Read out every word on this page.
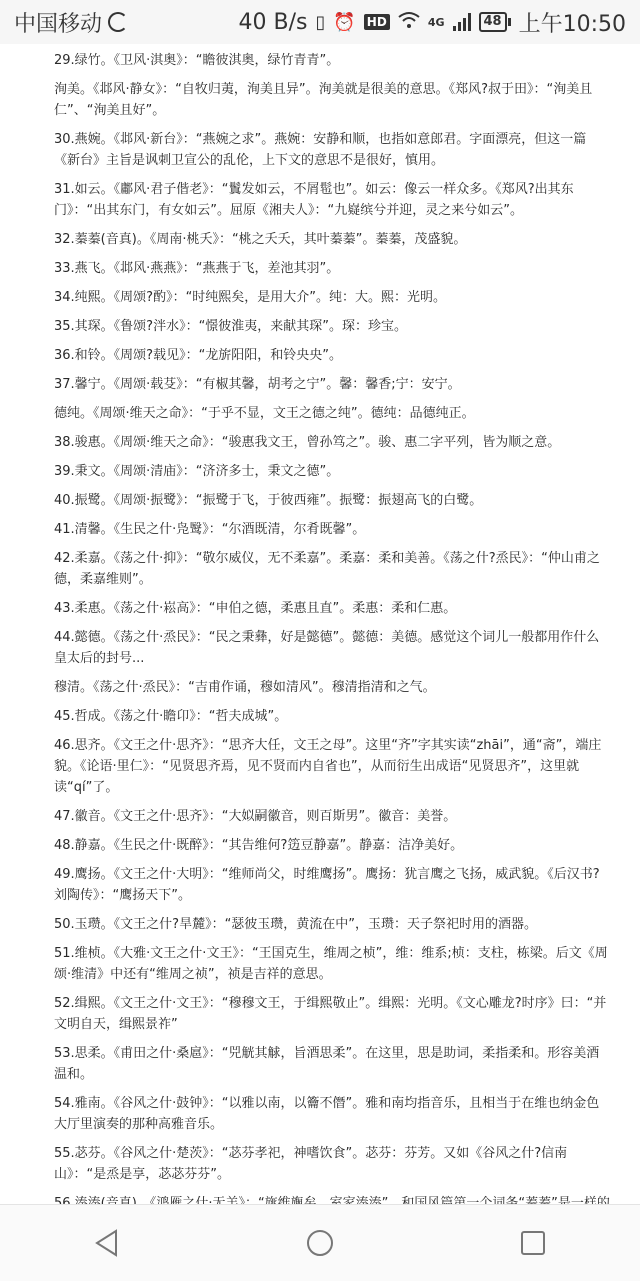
中国移动	40 B/s ▯ ⏰ HD	4G	48 上午10:50

29.绿竹。《卫风·淇奥》：“瞻彼淇奥，绿竹青青”。

洵美。《邶风·静女》：“自牧归荑，洵美且异”。洵美就是很美的意思。《郑风?叔于田》：“洵美且仁”、“洵美且好”。

30.燕婉。《邶风·新台》：“燕婉之求”。燕婉：安静和顺，也指如意郎君。字面漂亮，但这一篇《新台》主旨是讽刺卫宣公的乱伦，上下文的意思不是很好，慎用。

31.如云。《鄘风·君子偕老》：“鬒发如云，不屑髢也”。如云：像云一样众多。《郑风?出其东门》：“出其东门，有女如云”。屈原《湘夫人》：“九嶷缤兮并迎，灵之来兮如云”。

32.蓁蓁(音真)。《周南·桃夭》：“桃之夭夭，其叶蓁蓁”。蓁蓁，茂盛貌。

33.燕飞。《邶风·燕燕》：“燕燕于飞，差池其羽”。

34.纯熙。《周颂?酌》：“时纯熙矣，是用大介”。纯：大。熙：光明。

35.其琛。《鲁颂?泮水》：“憬彼淮夷，来献其琛”。琛：珍宝。

36.和铃。《周颂?载见》：“龙旂阳阳，和铃央央”。

37.馨宁。《周颂·载芟》：“有椒其馨，胡考之宁”。馨：馨香;宁：安宁。

德纯。《周颂·维天之命》：“于乎不显，文王之德之纯”。德纯：品德纯正。

38.骏惠。《周颂·维天之命》：“骏惠我文王，曾孙笃之”。骏、惠二字平列，皆为顺之意。

39.秉文。《周颂·清庙》：“济济多士，秉文之德”。

40.振鹭。《周颂·振鹭》：“振鹭于飞，于彼西雍”。振鹭：振翅高飞的白鹭。

41.清馨。《生民之什·凫鹥》：“尔酒既清，尔肴既馨”。

42.柔嘉。《荡之什·抑》：“敬尔威仪，无不柔嘉”。柔嘉：柔和美善。《荡之什?烝民》：“仲山甫之德，柔嘉维则”。

43.柔惠。《荡之什·崧高》：“申伯之德，柔惠且直”。柔惠：柔和仁惠。

44.懿德。《荡之什·烝民》：“民之秉彝，好是懿德”。懿德：美德。感觉这个词儿一般都用作什么皇太后的封号...

穆清。《荡之什·烝民》：“吉甫作诵，穆如清风”。穆清指清和之气。

45.哲成。《荡之什·瞻卬》：“哲夫成城”。

46.思齐。《文王之什·思齐》：“思齐大任，文王之母”。这里“齐”字其实读“zhāi”，通“斋”，端庄貌。《论语·里仁》：“见贤思齐焉，见不贤而内自省也”，从而衍生出成语“见贤思齐”，这里就读“qí”了。

47.徽音。《文王之什·思齐》：“大姒嗣徽音，则百斯男”。徽音：美誉。

48.静嘉。《生民之什·既醉》：“其告维何?笾豆静嘉”。静嘉：洁净美好。

49.鹰扬。《文王之什·大明》：“维师尚父，时维鹰扬”。鹰扬：犹言鹰之飞扬，威武貌。《后汉书?刘陶传》：“鹰扬天下”。

50.玉瓒。《文王之什?旱麓》：“瑟彼玉瓒，黄流在中”，玉瓒：天子祭祀时用的酒器。

51.维桢。《大雅·文王之什·文王》：“王国克生，维周之桢”，维：维系;桢：支柱，栋梁。后文《周颂·维清》中还有“维周之祯”，祯是吉祥的意思。

52.缉熙。《文王之什·文王》：“穆穆文王，于缉熙敬止”。缉熙：光明。《文心雕龙?时序》曰：“并文明自天，缉熙景祚”

53.思柔。《甫田之什·桑扈》：“兕觥其觩，旨酒思柔”。在这里，思是助词，柔指柔和。形容美酒温和。

54.雅南。《谷风之什·鼓钟》：“以雅以南，以籥不僭”。雅和南均指音乐，且相当于在维也纳金色大厅里演奏的那种高雅音乐。

55.苾芬。《谷风之什·楚茨》：“苾芬孝祀，神嗜饮食”。苾芬：芬芳。又如《谷风之什?信南山》：“是烝是享，苾苾芬芬”。
